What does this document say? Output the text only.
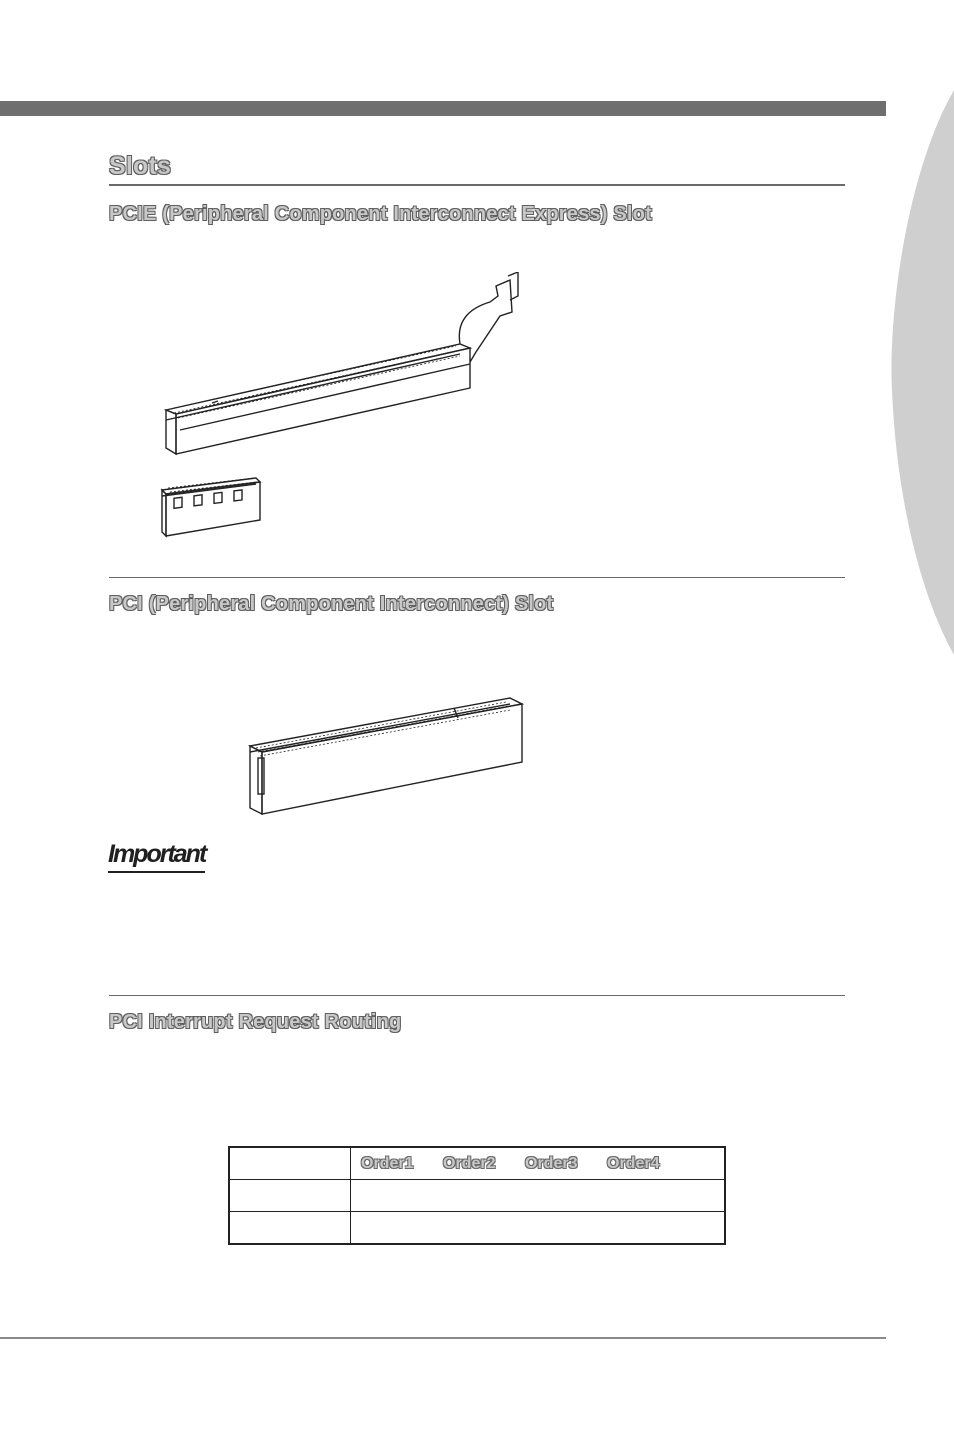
Slots
PCIE (Peripheral Component Interconnect Express) Slot
PCI (Peripheral Component Interconnect) Slot
Important
PCI Interrupt Request Routing
	Order1 Order2 Order3 Order4
